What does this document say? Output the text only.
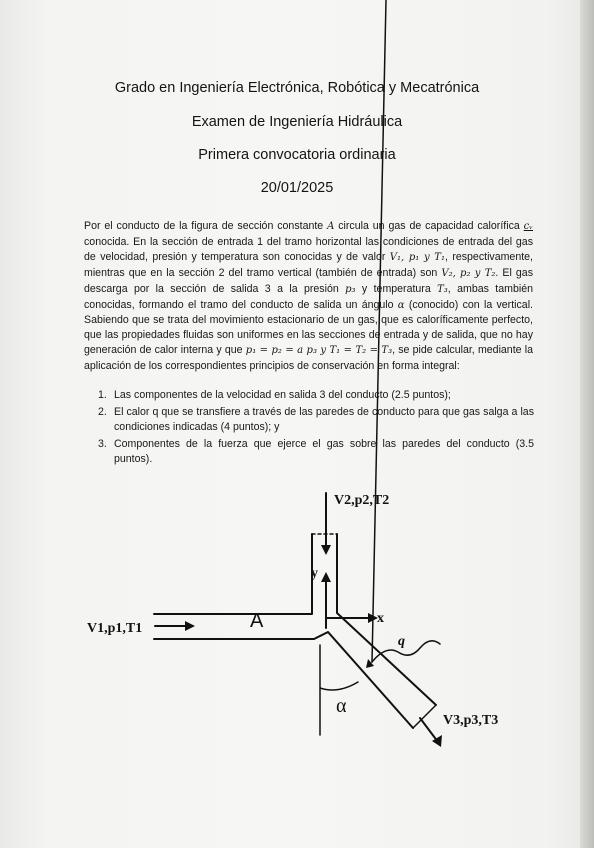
Grado en Ingeniería Electrónica, Robótica y Mecatrónica
Examen de Ingeniería Hidráulica
Primera convocatoria ordinaria
20/01/2025

Por el conducto de la figura de sección constante A circula un gas de capacidad calorífica cᵥ conocida. En la sección de entrada 1 del tramo horizontal las condiciones de entrada del gas de velocidad, presión y temperatura son conocidas y de valor V₁, p₁ y T₁, respectivamente, mientras que en la sección 2 del tramo vertical (también de entrada) son V₂, p₂ y T₂. El gas descarga por la sección de salida 3 a la presión p₃ y temperatura T₃, ambas también conocidas, formando el tramo del conducto de salida un ángulo α (conocido) con la vertical. Sabiendo que se trata del movimiento estacionario de un gas, que es caloríficamente perfecto, que las propiedades fluidas son uniformes en las secciones de entrada y de salida, que no hay generación de calor interna y que p₁ = p₂ = a p₃ y T₁ = T₂ = T₃, se pide calcular, mediante la aplicación de los correspondientes principios de conservación en forma integral:

1. Las componentes de la velocidad en salida 3 del conducto (2.5 puntos);
2. El calor q que se transfiere a través de las paredes de conducto para que gas salga a las condiciones indicadas (4 puntos); y
3. Componentes de la fuerza que ejerce el gas sobre las paredes del conducto (3.5 puntos).
V2,p2,T2
V1,p1,T1	A
y
x
q
α
V3,p3,T3
